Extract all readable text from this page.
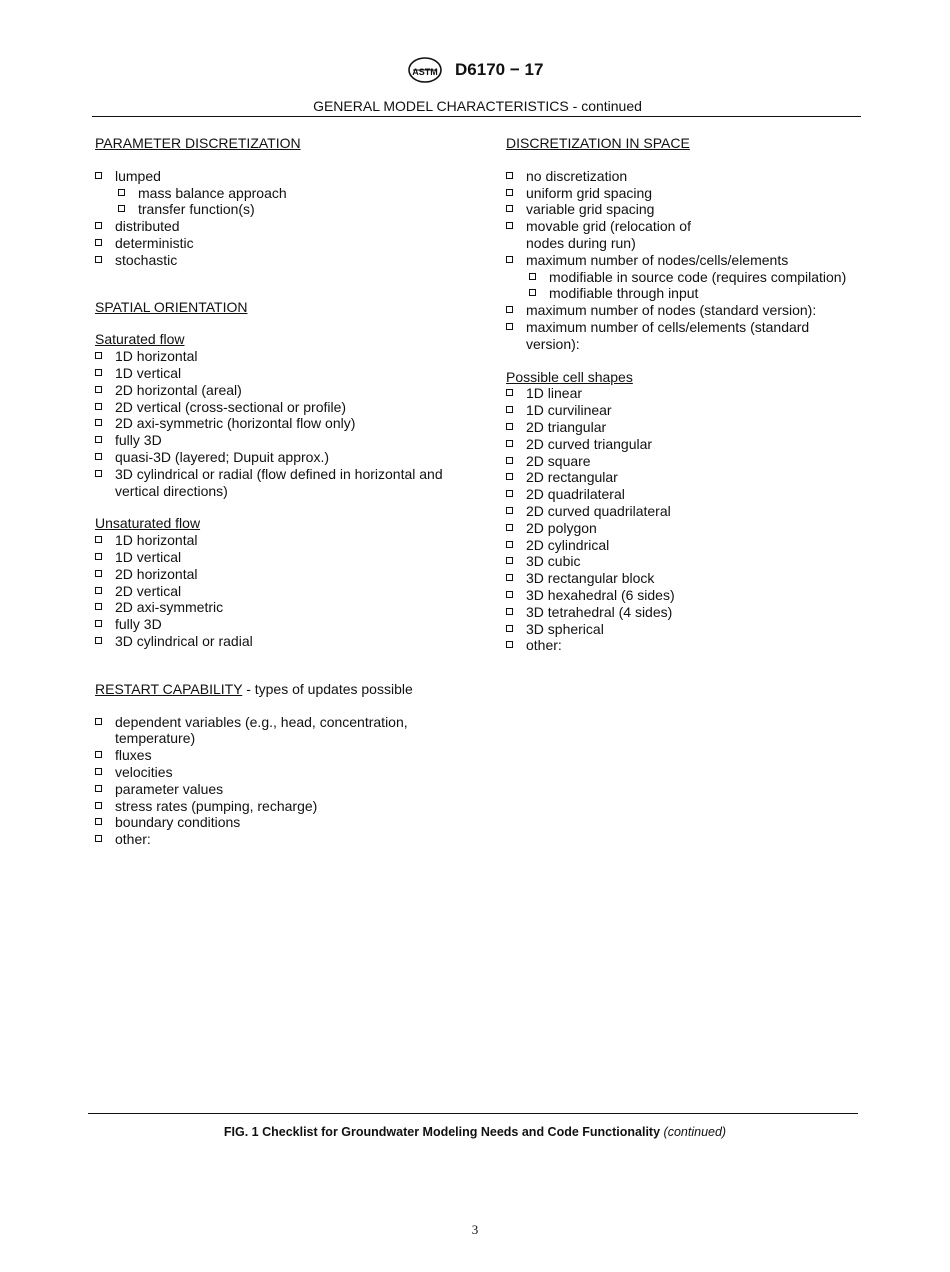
ASTM D6170 − 17
GENERAL MODEL CHARACTERISTICS - continued

PARAMETER DISCRETIZATION

lumped

mass balance approach

transfer function(s)

distributed

deterministic

stochastic

SPATIAL ORIENTATION

Saturated flow

1D horizontal

1D vertical

2D horizontal (areal)

2D vertical (cross-sectional or profile)

2D axi-symmetric (horizontal flow only)

fully 3D

quasi-3D (layered; Dupuit approx.)

3D cylindrical or radial (flow defined in horizontal and vertical directions)

Unsaturated flow

1D horizontal

1D vertical

2D horizontal

2D vertical

2D axi-symmetric

fully 3D

3D cylindrical or radial

RESTART CAPABILITY - types of updates possible

dependent variables (e.g., head, concentration, temperature)

fluxes

velocities

parameter values

stress rates (pumping, recharge)

boundary conditions

other:

DISCRETIZATION IN SPACE

no discretization

uniform grid spacing

variable grid spacing

movable grid (relocation of nodes during run)

maximum number of nodes/cells/elements

modifiable in source code (requires compilation)

modifiable through input

maximum number of nodes (standard version):

maximum number of cells/elements (standard version):

Possible cell shapes

1D linear

1D curvilinear

2D triangular

2D curved triangular

2D square

2D rectangular

2D quadrilateral

2D curved quadrilateral

2D polygon

2D cylindrical

3D cubic

3D rectangular block

3D hexahedral (6 sides)

3D tetrahedral (4 sides)

3D spherical

other:

FIG. 1 Checklist for Groundwater Modeling Needs and Code Functionality (continued)
3
